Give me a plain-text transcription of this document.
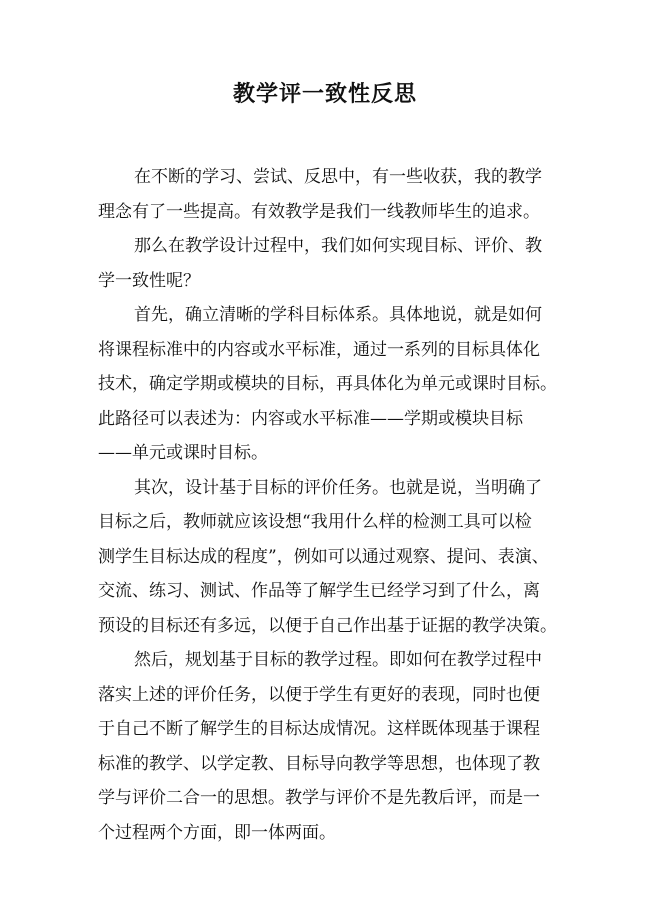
教学评一致性反思

在不断的学习、尝试、反思中，有一些收获，我的教学
理念有了一些提高。有效教学是我们一线教师毕生的追求。

那么在教学设计过程中，我们如何实现目标、评价、教
学一致性呢？

首先，确立清晰的学科目标体系。具体地说，就是如何
将课程标准中的内容或水平标准，通过一系列的目标具体化
技术，确定学期或模块的目标，再具体化为单元或课时目标。
此路径可以表述为：内容或水平标准——学期或模块目标
——单元或课时目标。

其次，设计基于目标的评价任务。也就是说，当明确了
目标之后，教师就应该设想“我用什么样的检测工具可以检
测学生目标达成的程度”，例如可以通过观察、提问、表演、
交流、练习、测试、作品等了解学生已经学习到了什么，离
预设的目标还有多远，以便于自己作出基于证据的教学决策。

然后，规划基于目标的教学过程。即如何在教学过程中
落实上述的评价任务，以便于学生有更好的表现，同时也便
于自己不断了解学生的目标达成情况。这样既体现基于课程
标准的教学、以学定教、目标导向教学等思想，也体现了教
学与评价二合一的思想。教学与评价不是先教后评，而是一
个过程两个方面，即一体两面。
